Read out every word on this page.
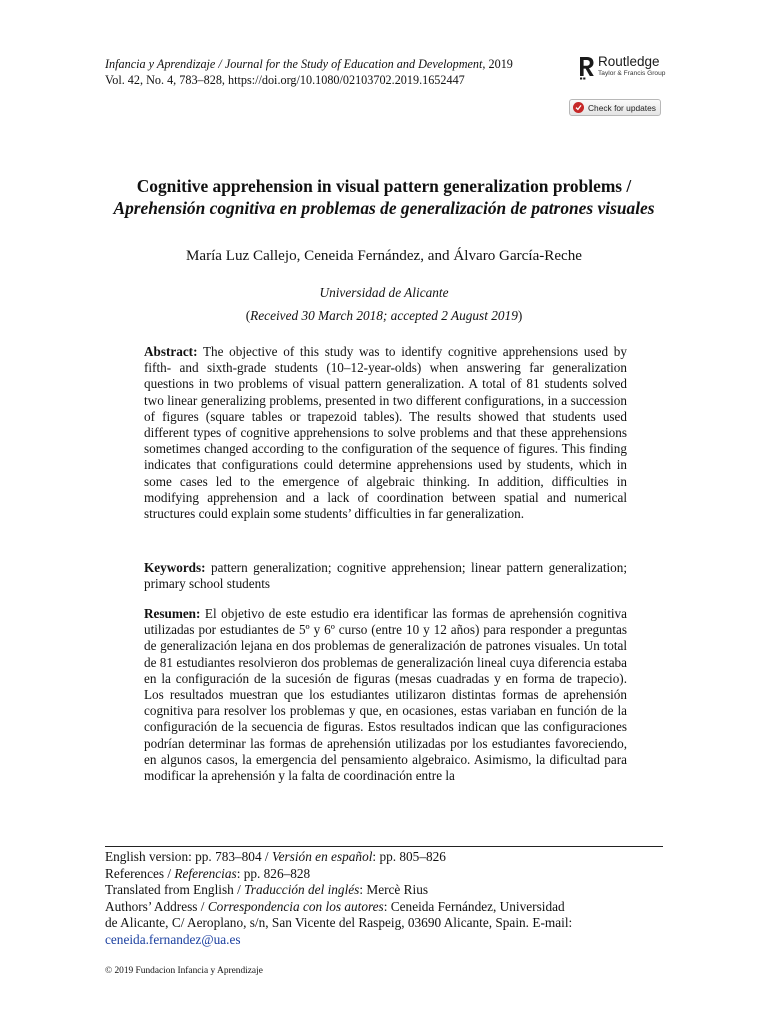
Infancia y Aprendizaje / Journal for the Study of Education and Development, 2019
Vol. 42, No. 4, 783–828, https://doi.org/10.1080/02103702.2019.1652447
Routledge
Taylor & Francis Group
Check for updates
Cognitive apprehension in visual pattern generalization problems / Aprehensión cognitiva en problemas de generalización de patrones visuales
María Luz Callejo, Ceneida Fernández, and Álvaro García-Reche
Universidad de Alicante
(Received 30 March 2018; accepted 2 August 2019)
Abstract: The objective of this study was to identify cognitive apprehensions used by fifth- and sixth-grade students (10–12-year-olds) when answering far generalization questions in two problems of visual pattern generalization. A total of 81 students solved two linear generalizing problems, presented in two different configurations, in a succession of figures (square tables or trapezoid tables). The results showed that students used different types of cognitive apprehensions to solve problems and that these apprehensions sometimes changed according to the configuration of the sequence of figures. This finding indicates that configurations could determine apprehensions used by students, which in some cases led to the emergence of algebraic thinking. In addition, difficulties in modifying apprehension and a lack of coordination between spatial and numerical structures could explain some students’ difficulties in far generalization.
Keywords: pattern generalization; cognitive apprehension; linear pattern generalization; primary school students
Resumen: El objetivo de este estudio era identificar las formas de aprehensión cognitiva utilizadas por estudiantes de 5º y 6º curso (entre 10 y 12 años) para responder a preguntas de generalización lejana en dos problemas de generalización de patrones visuales. Un total de 81 estudiantes resolvieron dos problemas de generalización lineal cuya diferencia estaba en la configuración de la sucesión de figuras (mesas cuadradas y en forma de trapecio). Los resultados muestran que los estudiantes utilizaron distintas formas de aprehensión cognitiva para resolver los problemas y que, en ocasiones, estas variaban en función de la configuración de la secuencia de figuras. Estos resultados indican que las configuraciones podrían determinar las formas de aprehensión utilizadas por los estudiantes favoreciendo, en algunos casos, la emergencia del pensamiento algebraico. Asimismo, la dificultad para modificar la aprehensión y la falta de coordinación entre la
English version: pp. 783–804 / Versión en español: pp. 805–826
References / Referencias: pp. 826–828
Translated from English / Traducción del inglés: Mercè Rius
Authors’ Address / Correspondencia con los autores: Ceneida Fernández, Universidad
de Alicante, C/ Aeroplano, s/n, San Vicente del Raspeig, 03690 Alicante, Spain. E-mail:
ceneida.fernandez@ua.es
© 2019 Fundacion Infancia y Aprendizaje
